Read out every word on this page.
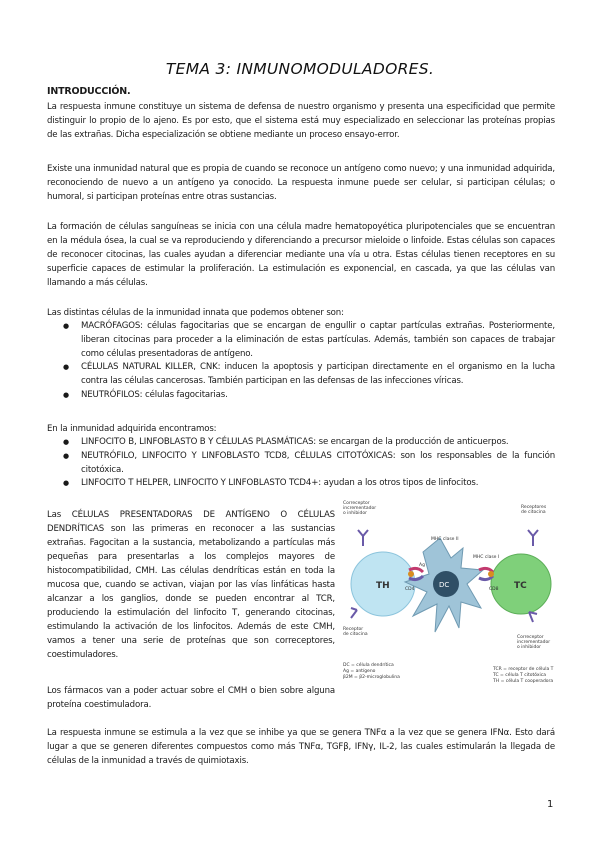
TEMA 3: INMUNOMODULADORES.
INTRODUCCIÓN.

La respuesta inmune constituye un sistema de defensa de nuestro organismo y presenta una especificidad que permite distinguir lo propio de lo ajeno. Es por esto, que el sistema está muy especializado en seleccionar las proteínas propias de las extrañas. Dicha especialización se obtiene mediante un proceso ensayo-error.

Existe una inmunidad natural que es propia de cuando se reconoce un antígeno como nuevo; y una inmunidad adquirida, reconociendo de nuevo a un antígeno ya conocido. La respuesta inmune puede ser celular, si participan células; o humoral, si participan proteínas entre otras sustancias.

La formación de células sanguíneas se inicia con una célula madre hematopoyética pluripotenciales que se encuentran en la médula ósea, la cual se va reproduciendo y diferenciando a precursor mieloide o linfoide. Estas células son capaces de reconocer citocinas, las cuales ayudan a diferenciar mediante una vía u otra. Estas células tienen receptores en su superficie capaces de estimular la proliferación. La estimulación es exponencial, en cascada, ya que las células van llamando a más células.

Las distintas células de la inmunidad innata que podemos obtener son:

● MACRÓFAGOS: células fagocitarias que se encargan de engullir o captar partículas extrañas. Posteriormente, liberan citocinas para proceder a la eliminación de estas partículas. Además, también son capaces de trabajar como células presentadoras de antígeno.
● CÉLULAS NATURAL KILLER, CNK: inducen la apoptosis y participan directamente en el organismo en la lucha contra las células cancerosas. También participan en las defensas de las infecciones víricas.
● NEUTRÓFILOS: células fagocitarias.

En la inmunidad adquirida encontramos:

● LINFOCITO B, LINFOBLASTO B Y CÉLULAS PLASMÁTICAS: se encargan de la producción de anticuerpos.
● NEUTRÓFILO, LINFOCITO Y LINFOBLASTO TCD8, CÉLULAS CITOTÓXICAS: son los responsables de la función citotóxica.
● LINFOCITO T HELPER, LINFOCITO Y LINFOBLASTO TCD4+: ayudan a los otros tipos de linfocitos.

Las CÉLULAS PRESENTADORAS DE ANTÍGENO O CÉLULAS DENDRÍTICAS son las primeras en reconocer a las sustancias extrañas. Fagocitan a la sustancia, metabolizando a partículas más pequeñas para presentarlas a los complejos mayores de histocompatibilidad, CMH. Las células dendríticas están en toda la mucosa que, cuando se activan, viajan por las vías linfáticas hasta alcanzar a los ganglios, donde se pueden encontrar al TCR, produciendo la estimulación del linfocito T, generando citocinas, estimulando la activación de los linfocitos. Además de este CMH, vamos a tener una serie de proteínas que son correceptores, coestimuladores.

Los fármacos van a poder actuar sobre el CMH o bien sobre alguna proteína coestimuladora.

La respuesta inmune se estimula a la vez que se inhibe ya que se genera TNFα a la vez que se genera IFNα. Esto dará lugar a que se generen diferentes compuestos como más TNFα, TGFβ, IFNγ, IL-2, las cuales estimularán la llegada de células de la inmunidad a través de quimiotaxis.

TH	TC
DC
Correceptor incrementador o inhibidor
Receptores de citocina
MHC clase II
MHC clase I
CD4	CD8
Ag
Receptor de citocina
Correceptor incrementador o inhibidor
DC = célula dendrítica Ag = antígeno β2M = β2-microglobulina
TCR = receptor de célula T TC = célula T citotóxica TH = célula T cooperadora
1
